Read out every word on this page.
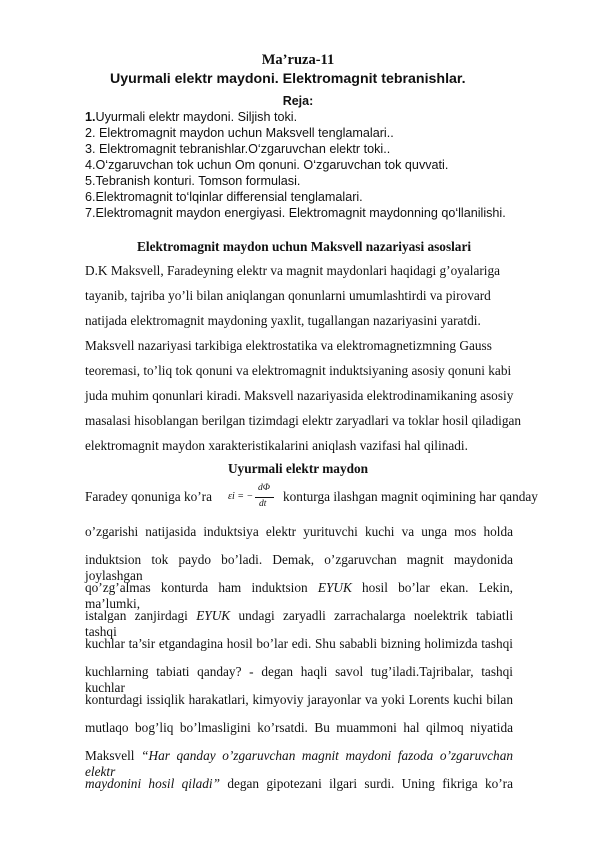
Ma’ruza-11
Uyurmali elektr maydoni. Elektromagnit tebranishlar.
Reja:
1.Uyurmali elektr maydoni. Siljish toki.
2. Elektromagnit maydon uchun Maksvell tenglamalari..
3. Elektromagnit tebranishlar.O‘zgaruvchan elektr toki..
4.O‘zgaruvchan tok uchun Om qonuni. O‘zgaruvchan tok quvvati.
5.Tebranish konturi. Tomson formulasi.
6.Elektromagnit to‘lqinlar differensial tenglamalari.
7.Elektromagnit maydon energiyasi. Elektromagnit maydonning qo‘llanilishi.
Elektromagnit maydon uchun Maksvell nazariyasi asoslari
D.K Maksvell, Faradeyning elektr va magnit maydonlari haqidagi g’oyalariga
tayanib, tajriba yo’li bilan aniqlangan qonunlarni umumlashtirdi va pirovard
natijada elektromagnit maydoning yaxlit, tugallangan nazariyasini yaratdi.
Maksvell nazariyasi tarkibiga elektrostatika va elektromagnetizmning Gauss
teoremasi, to’liq tok qonuni va elektromagnit induktsiyaning asosiy qonuni kabi
juda muhim qonunlari kiradi. Maksvell nazariyasida elektrodinamikaning asosiy
masalasi hisoblangan berilgan tizimdagi elektr zaryadlari va toklar hosil qiladigan
elektromagnit maydon xarakteristikalarini aniqlash vazifasi hal qilinadi.
Uyurmali elektr maydon
Faradey qonuniga ko’ra εi = −
dΦ
dt konturga ilashgan magnit oqimining har qanday
o’zgarishi natijasida induktsiya elektr yurituvchi kuchi va unga mos holda
induktsion tok paydo bo’ladi. Demak, o’zgaruvchan magnit maydonida joylashgan
qo’zg’almas konturda ham induktsion EYUK hosil bo’lar ekan. Lekin, ma’lumki,
istalgan zanjirdagi EYUK undagi zaryadli zarrachalarga noelektrik tabiatli tashqi
kuchlar ta’sir etgandagina hosil bo’lar edi. Shu sababli bizning holimizda tashqi
kuchlarning tabiati qanday? - degan haqli savol tug’iladi.Tajribalar, tashqi kuchlar
konturdagi issiqlik harakatlari, kimyoviy jarayonlar va yoki Lorents kuchi bilan
mutlaqo bog’liq bo’lmasligini ko’rsatdi. Bu muammoni hal qilmoq niyatida
Maksvell “Har qanday o’zgaruvchan magnit maydoni fazoda o’zgaruvchan elektr
maydonini hosil qiladi” degan gipotezani ilgari surdi. Uning fikriga ko’ra
